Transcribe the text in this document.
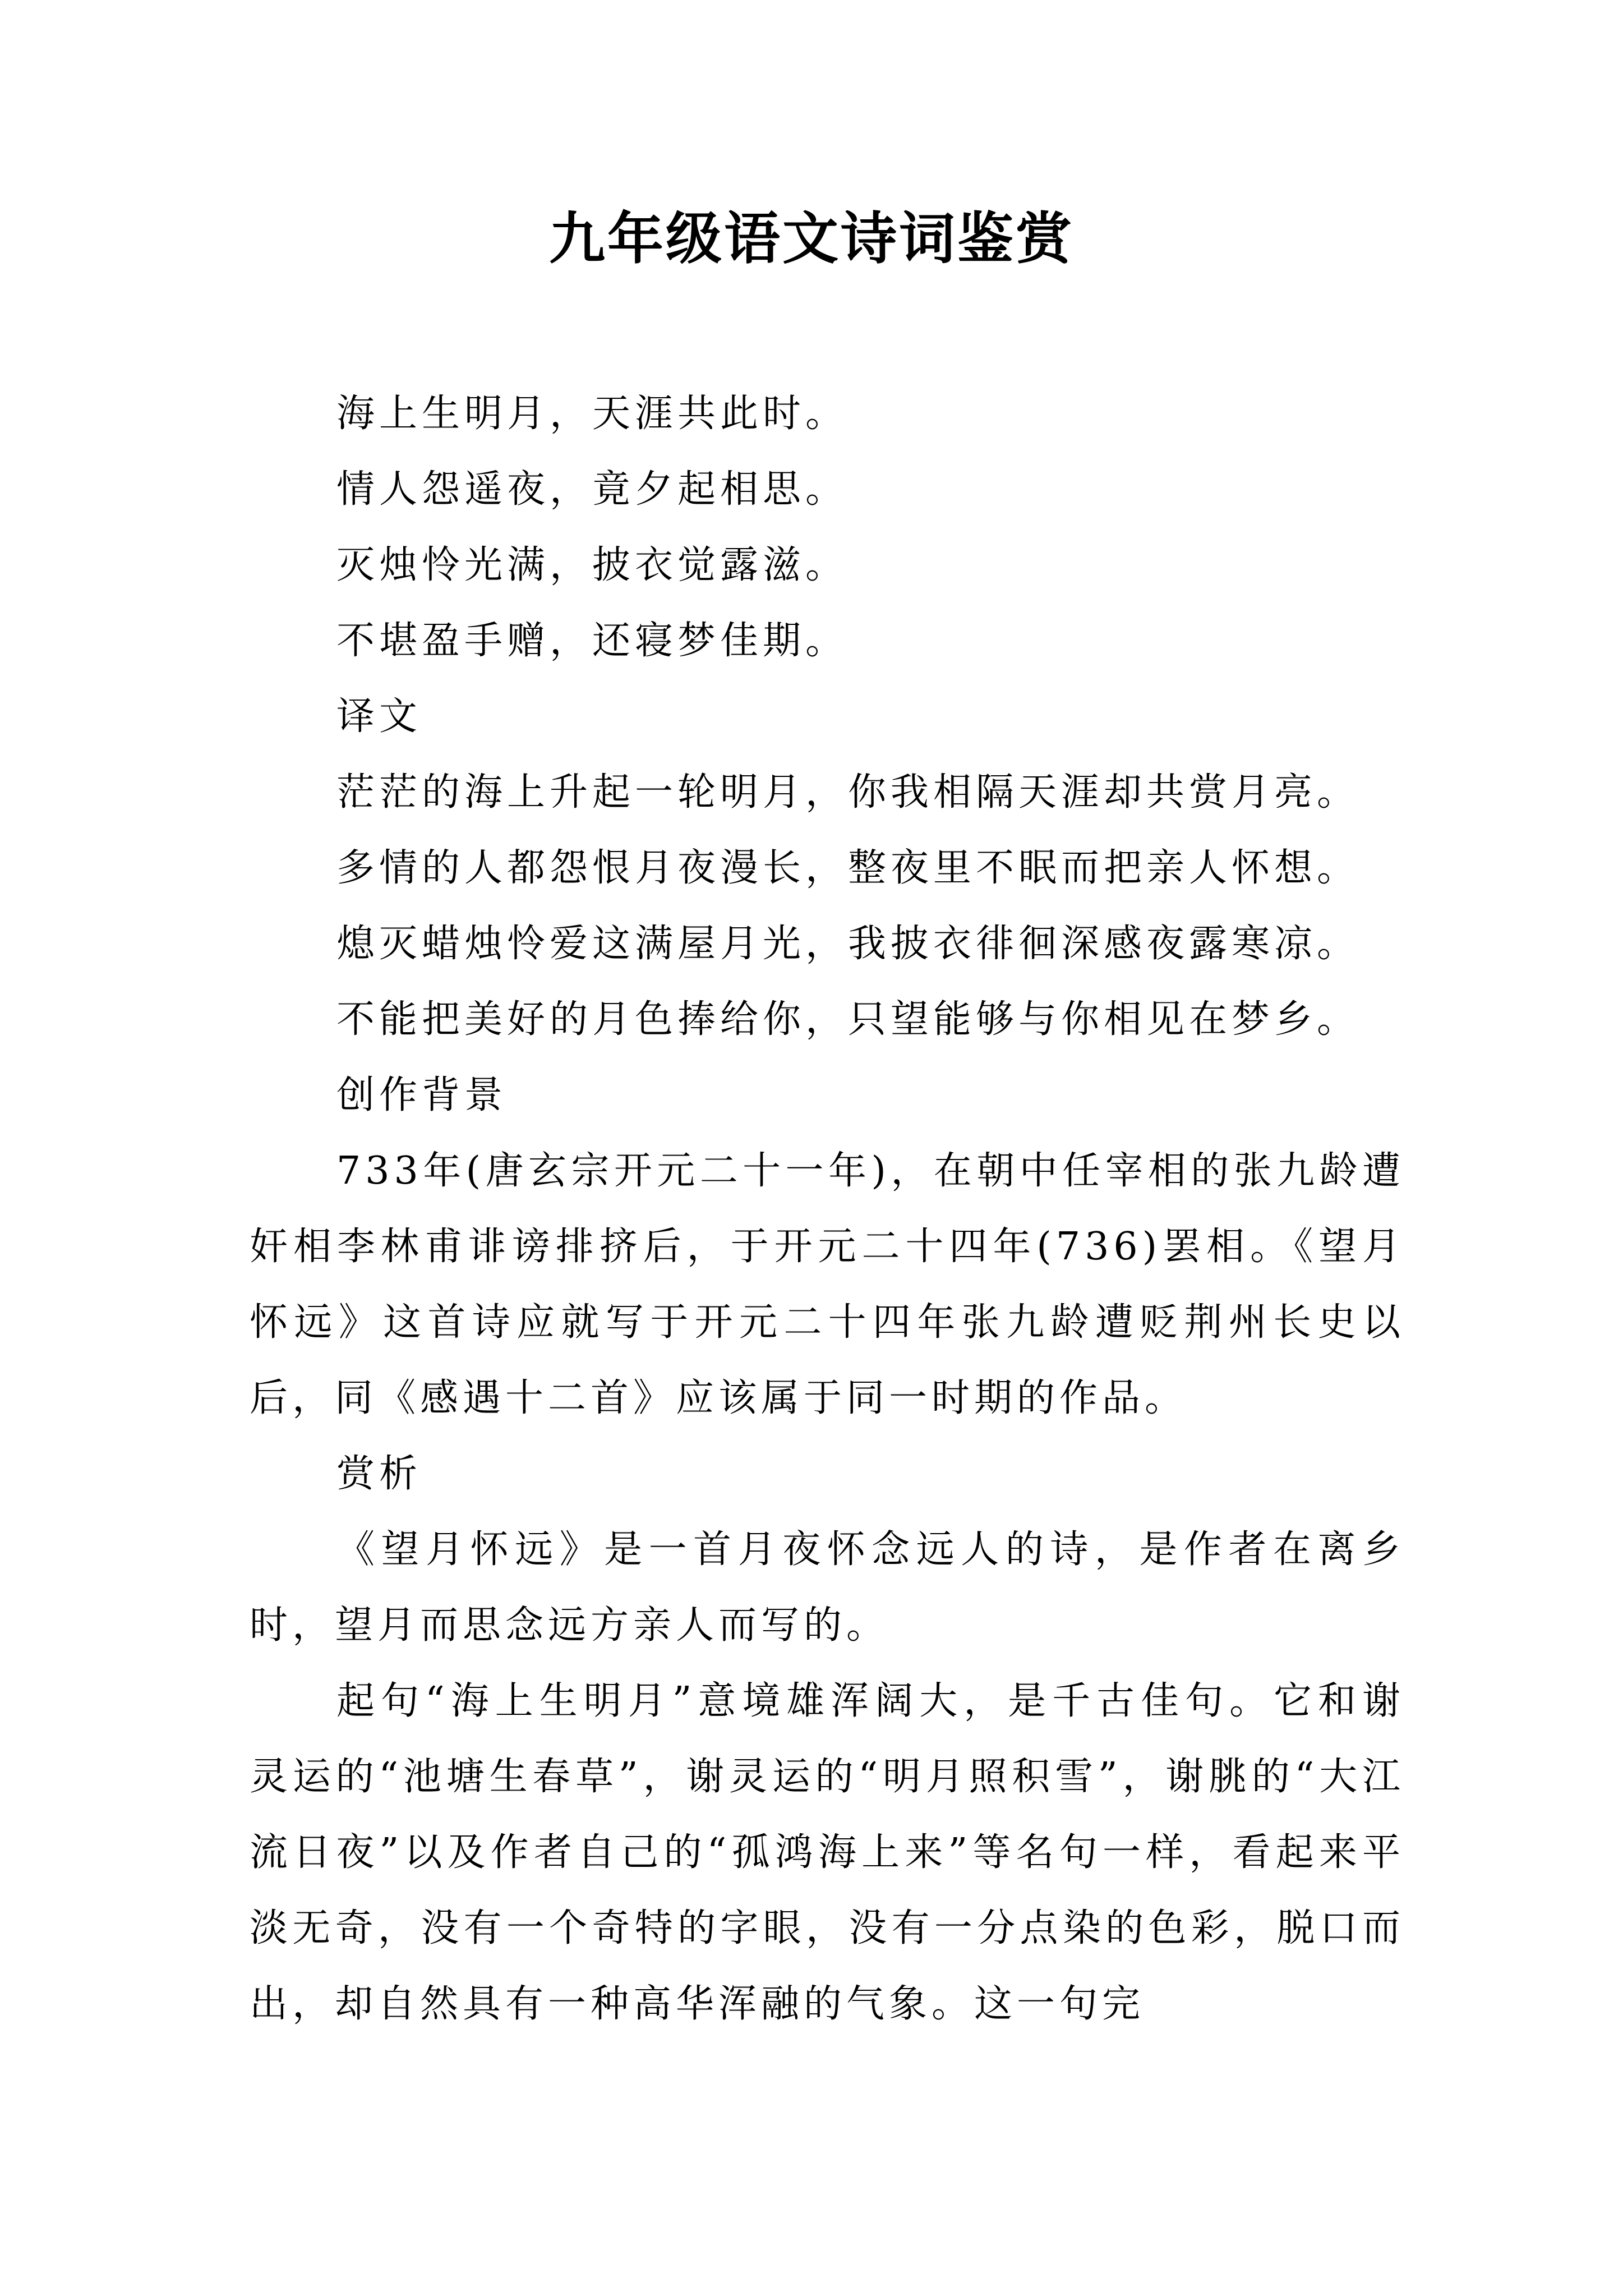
九年级语文诗词鉴赏
海上生明月，天涯共此时。
情人怨遥夜，竟夕起相思。
灭烛怜光满，披衣觉露滋。
不堪盈手赠，还寝梦佳期。
译文
茫茫的海上升起一轮明月，你我相隔天涯却共赏月亮。
多情的人都怨恨月夜漫长，整夜里不眠而把亲人怀想。
熄灭蜡烛怜爱这满屋月光，我披衣徘徊深感夜露寒凉。
不能把美好的月色捧给你，只望能够与你相见在梦乡。
创作背景
733年(唐玄宗开元二十一年)，在朝中任宰相的张九龄遭奸相李林甫诽谤排挤后，于开元二十四年(736)罢相。《望月怀远》这首诗应就写于开元二十四年张九龄遭贬荆州长史以后，同《感遇十二首》应该属于同一时期的作品。
赏析
《望月怀远》是一首月夜怀念远人的诗，是作者在离乡时，望月而思念远方亲人而写的。
起句“海上生明月”意境雄浑阔大，是千古佳句。它和谢灵运的“池塘生春草”，谢灵运的“明月照积雪”，谢朓的“大江流日夜”以及作者自己的“孤鸿海上来”等名句一样，看起来平淡无奇，没有一个奇特的字眼，没有一分点染的色彩，脱口而出，却自然具有一种高华浑融的气象。这一句完
